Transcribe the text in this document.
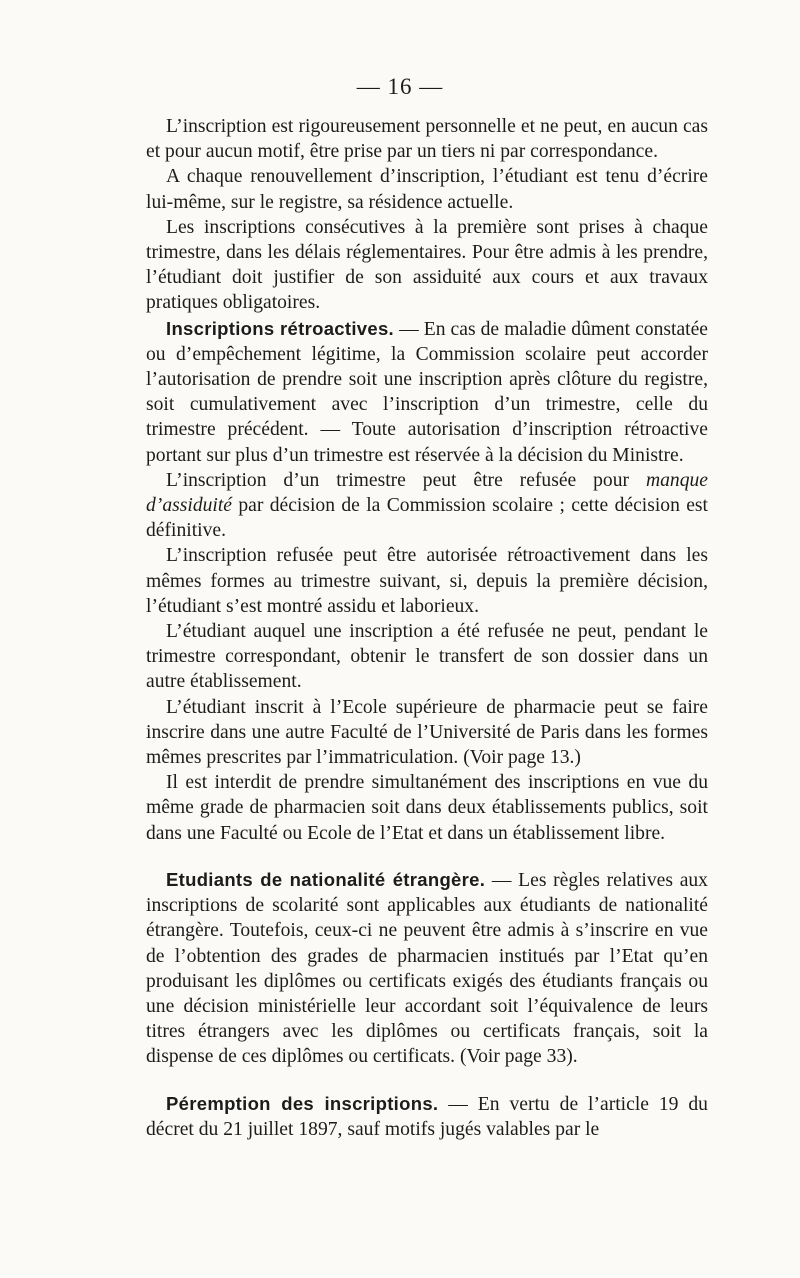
— 16 —

L’inscription est rigoureusement personnelle et ne peut, en aucun cas et pour aucun motif, être prise par un tiers ni par correspondance.

A chaque renouvellement d’inscription, l’étudiant est tenu d’écrire lui-même, sur le registre, sa résidence actuelle.

Les inscriptions consécutives à la première sont prises à chaque trimestre, dans les délais réglementaires. Pour être admis à les prendre, l’étudiant doit justifier de son assiduité aux cours et aux travaux pratiques obligatoires.

Inscriptions rétroactives. — En cas de maladie dûment constatée ou d’empêchement légitime, la Commission scolaire peut accorder l’autorisation de prendre soit une inscription après clôture du registre, soit cumulativement avec l’inscription d’un trimestre, celle du trimestre précédent. — Toute autorisation d’inscription rétroactive portant sur plus d’un trimestre est réservée à la décision du Ministre.

L’inscription d’un trimestre peut être refusée pour manque d’assiduité par décision de la Commission scolaire ; cette décision est définitive.

L’inscription refusée peut être autorisée rétroactivement dans les mêmes formes au trimestre suivant, si, depuis la première décision, l’étudiant s’est montré assidu et laborieux.

L’étudiant auquel une inscription a été refusée ne peut, pendant le trimestre correspondant, obtenir le transfert de son dossier dans un autre établissement.

L’étudiant inscrit à l’Ecole supérieure de pharmacie peut se faire inscrire dans une autre Faculté de l’Université de Paris dans les formes mêmes prescrites par l’immatriculation. (Voir page 13.)

Il est interdit de prendre simultanément des inscriptions en vue du même grade de pharmacien soit dans deux établissements publics, soit dans une Faculté ou Ecole de l’Etat et dans un établissement libre.

Etudiants de nationalité étrangère. — Les règles relatives aux inscriptions de scolarité sont applicables aux étudiants de nationalité étrangère. Toutefois, ceux-ci ne peuvent être admis à s’inscrire en vue de l’obtention des grades de pharmacien institués par l’Etat qu’en produisant les diplômes ou certificats exigés des étudiants français ou une décision ministérielle leur accordant soit l’équivalence de leurs titres étrangers avec les diplômes ou certificats français, soit la dispense de ces diplômes ou certificats. (Voir page 33).

Péremption des inscriptions. — En vertu de l’article 19 du décret du 21 juillet 1897, sauf motifs jugés valables par le
